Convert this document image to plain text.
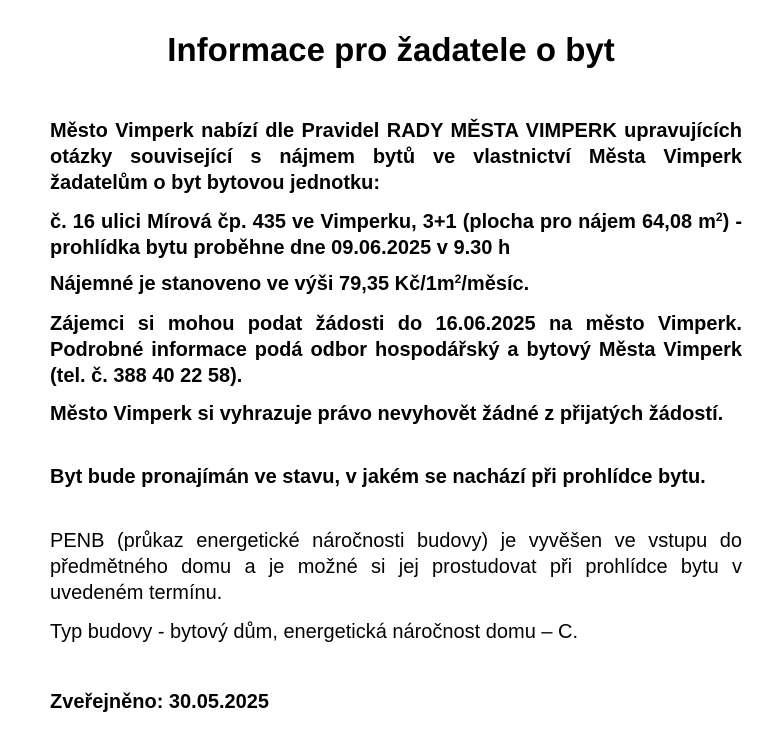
Informace pro žadatele o byt

Město Vimperk nabízí dle Pravidel RADY MĚSTA VIMPERK upravujících otázky související s nájmem bytů ve vlastnictví Města Vimperk žadatelům o byt bytovou jednotku:

č. 16 ulici Mírová čp. 435 ve Vimperku, 3+1 (plocha pro nájem 64,08 $m^2$) - prohlídka bytu proběhne dne 09.06.2025 v 9.30 h

Nájemné je stanoveno ve výši 79,35 $Kč/1m^2$/měsíc.

Zájemci si mohou podat žádosti do 16.06.2025 na město Vimperk. Podrobné informace podá odbor hospodářský a bytový Města Vimperk (tel. č. 388 40 22 58).

Město Vimperk si vyhrazuje právo nevyhovět žádné z přijatých žádostí.

Byt bude pronajímán ve stavu, v jakém se nachází při prohlídce bytu.

PENB (průkaz energetické náročnosti budovy) je vyvěšen ve vstupu do předmětného domu a je možné si jej prostudovat při prohlídce bytu v uvedeném termínu.

Typ budovy - bytový dům, energetická náročnost domu – C.

Zveřejněno: 30.05.2025
